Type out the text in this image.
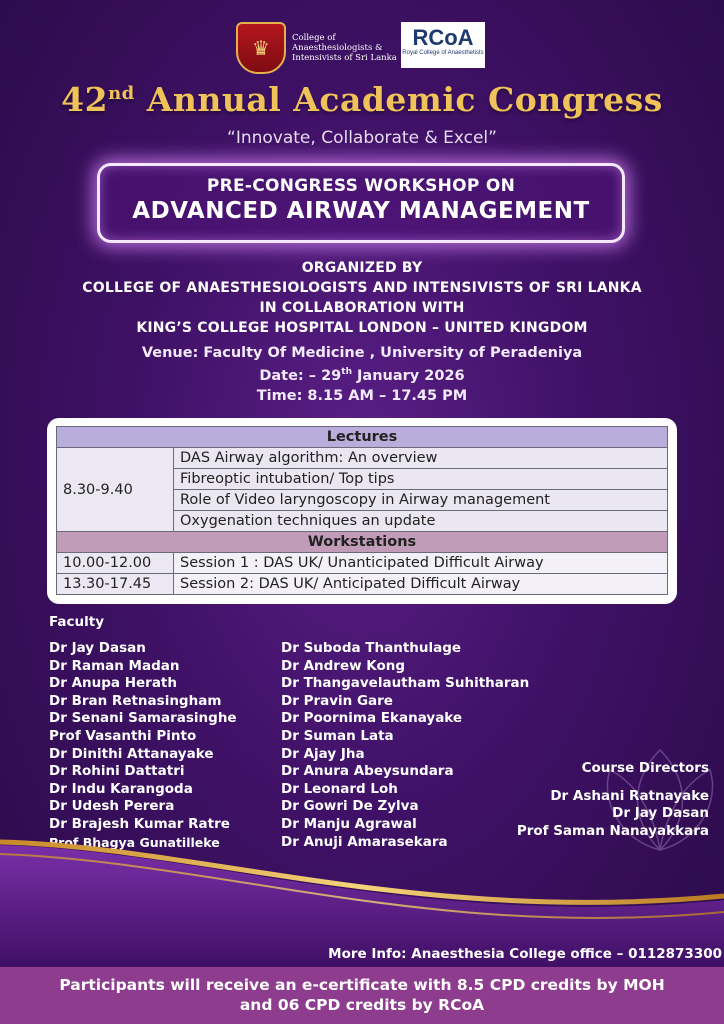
♛	College of
Anaesthesiologists &
Intensivists of Sri Lanka
RCoA
Royal College of Anaesthetists
42nd Annual Academic Congress
“Innovate, Collaborate & Excel”
PRE-CONGRESS WORKSHOP ON
ADVANCED AIRWAY MANAGEMENT
ORGANIZED BY
COLLEGE OF ANAESTHESIOLOGISTS AND INTENSIVISTS OF SRI LANKA
IN COLLABORATION WITH
KING’S COLLEGE HOSPITAL LONDON – UNITED KINGDOM
Venue: Faculty Of Medicine , University of Peradeniya
Date: – 29th January 2026
Time: 8.15 AM – 17.45 PM
Lectures	
8.30-9.40	DAS Airway algorithm: An overview
	Fibreoptic intubation/ Top tips
	Role of Video laryngoscopy in Airway management
	Oxygenation techniques an update
Workstations	
10.00-12.00	Session 1 : DAS UK/ Unanticipated Difficult Airway
13.30-17.45	Session 2: DAS UK/ Anticipated Difficult Airway
Faculty
Dr Jay Dasan
Dr Raman Madan
Dr Anupa Herath
Dr Bran Retnasingham
Dr Senani Samarasinghe
Prof Vasanthi Pinto
Dr Dinithi Attanayake
Dr Rohini Dattatri
Dr Indu Karangoda
Dr Udesh Perera
Dr Brajesh Kumar Ratre
Prof Bhagya Gunatilleke
Dr Suboda Thanthulage
Dr Andrew Kong
Dr Thangavelautham Suhitharan
Dr Pravin Gare
Dr Poornima Ekanayake
Dr Suman Lata
Dr Ajay Jha
Dr Anura Abeysundara
Dr Leonard Loh
Dr Gowri De Zylva
Dr Manju Agrawal
Dr Anuji Amarasekara
Course Directors
Dr Ashani Ratnayake
Dr Jay Dasan
Prof Saman Nanayakkara
More Info: Anaesthesia College office – 0112873300
Participants will receive an e-certificate with 8.5 CPD credits by MOH
and 06 CPD credits by RCoA
